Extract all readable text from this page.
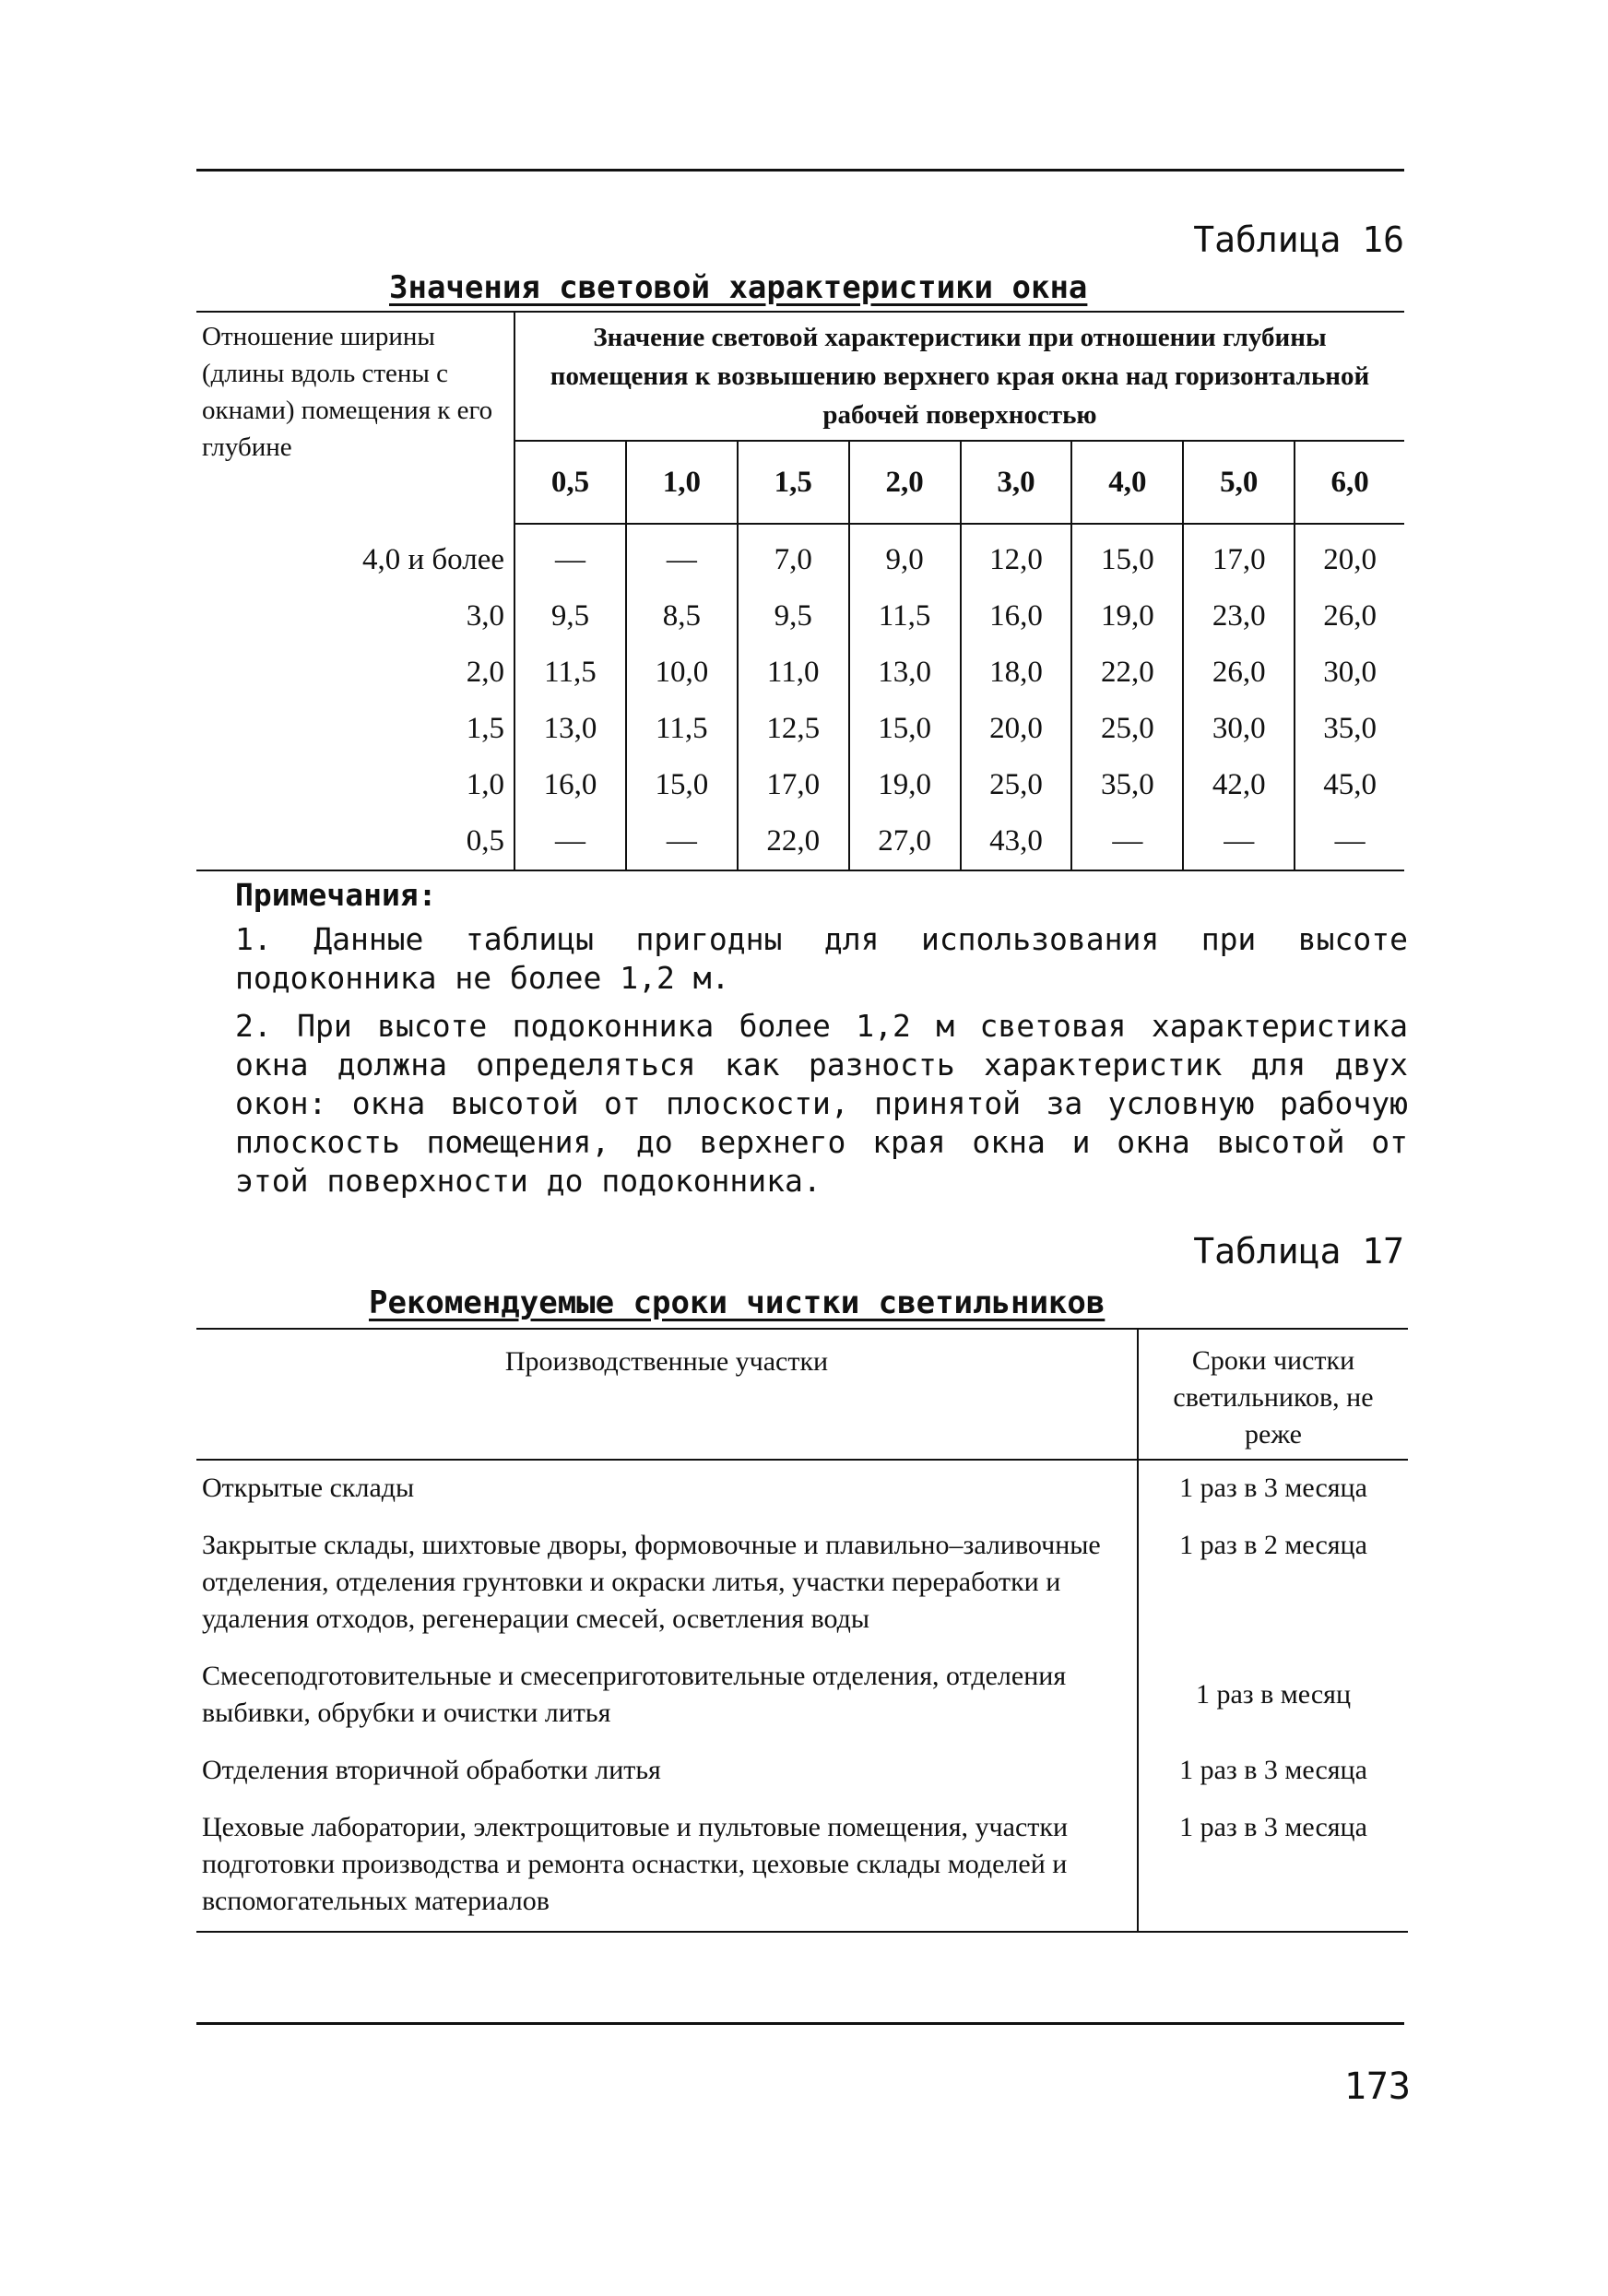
Таблица 16
Значения световой характеристики окна
Отношение ширины (длины вдоль стены с окнами) помещения к его глубине	Значение световой характеристики при отношении глубины помещения к возвышению верхнего края окна над горизонтальной рабочей поверхностью							
	0,5	1,0	1,5	2,0	3,0	4,0	5,0	6,0
4,0 и более	—	—	7,0	9,0	12,0	15,0	17,0	20,0
3,0	9,5	8,5	9,5	11,5	16,0	19,0	23,0	26,0
2,0	11,5	10,0	11,0	13,0	18,0	22,0	26,0	30,0
1,5	13,0	11,5	12,5	15,0	20,0	25,0	30,0	35,0
1,0	16,0	15,0	17,0	19,0	25,0	35,0	42,0	45,0
0,5	—	—	22,0	27,0	43,0	—	—	—
Примечания:
1. Данные таблицы пригодны для использования при высоте подоконника не более 1,2 м.
2. При высоте подоконника более 1,2 м световая характеристика окна должна определяться как разность характеристик для двух окон: окна высотой от плоскости, принятой за условную рабочую плоскость помещения, до верхнего края окна и окна высотой от этой поверхности до подоконника.
Таблица 17
Рекомендуемые сроки чистки светильников
Производственные участки	Сроки чистки светильников, не реже
Открытые склады	1 раз в 3 месяца
Закрытые склады, шихтовые дворы, формовочные и плавильно–заливочные отделения, отделения грунтовки и окраски литья, участки переработки и удаления отходов, регенерации смесей, осветления воды	1 раз в 2 месяца
Смесеподготовительные и смесеприготовительные отделения, отделения выбивки, обрубки и очистки литья	1 раз в месяц
Отделения вторичной обработки литья	1 раз в 3 месяца
Цеховые лаборатории, электрощитовые и пультовые помещения, участки подготовки производства и ремонта оснастки, цеховые склады моделей и вспомогательных материалов	1 раз в 3 месяца
173
